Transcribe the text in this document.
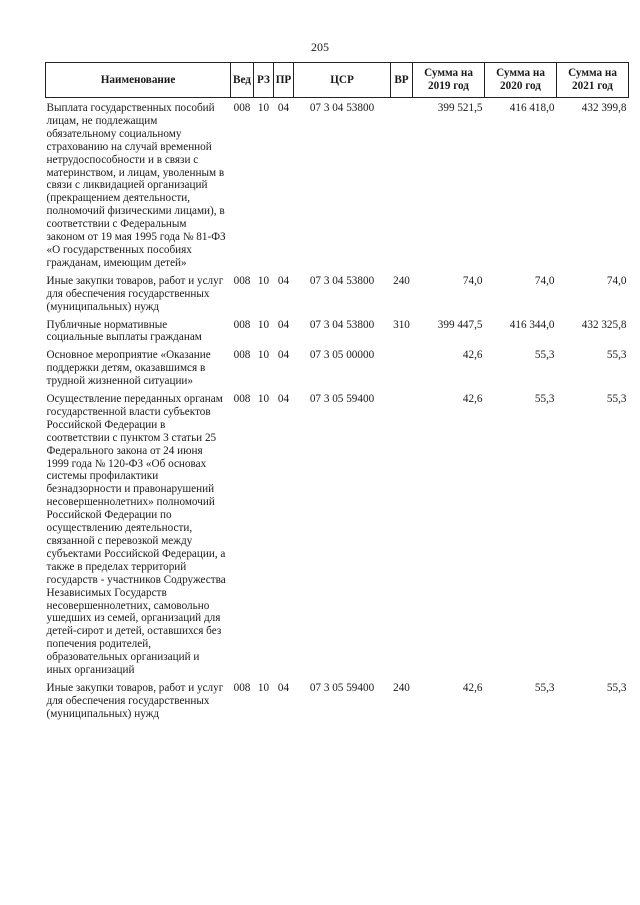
205
Наименование	Вед	РЗ	ПР	ЦСР	ВР	Сумма на 2019 год	Сумма на 2020 год	Сумма на 2021 год

Выплата государственных пособий лицам, не подлежащим обязательному социальному страхованию на случай временной нетрудоспособности и в связи с материнством, и лицам, уволенным в связи с ликвидацией организаций (прекращением деятельности, полномочий физическими лицами), в соответствии с Федеральным законом от 19 мая 1995 года № 81-ФЗ «О государственных пособиях гражданам, имеющим детей»	008	10	04	07 3 04 53800		399 521,5	416 418,0	432 399,8
Иные закупки товаров, работ и услуг для обеспечения государственных (муниципальных) нужд	008	10	04	07 3 04 53800	240	74,0	74,0	74,0
Публичные нормативные социальные выплаты гражданам	008	10	04	07 3 04 53800	310	399 447,5	416 344,0	432 325,8
Основное мероприятие «Оказание поддержки детям, оказавшимся в трудной жизненной ситуации»	008	10	04	07 3 05 00000		42,6	55,3	55,3
Осуществление переданных органам государственной власти субъектов Российской Федерации в соответствии с пунктом 3 статьи 25 Федерального закона от 24 июня 1999 года № 120-ФЗ «Об основах системы профилактики безнадзорности и правонарушений несовершеннолетних» полномочий Российской Федерации по осуществлению деятельности, связанной с перевозкой между субъектами Российской Федерации, а также в пределах территорий государств - участников Содружества Независимых Государств несовершеннолетних, самовольно ушедших из семей, организаций для детей-сирот и детей, оставшихся без попечения родителей, образовательных организаций и иных организаций	008	10	04	07 3 05 59400		42,6	55,3	55,3
Иные закупки товаров, работ и услуг для обеспечения государственных (муниципальных) нужд	008	10	04	07 3 05 59400	240	42,6	55,3	55,3
